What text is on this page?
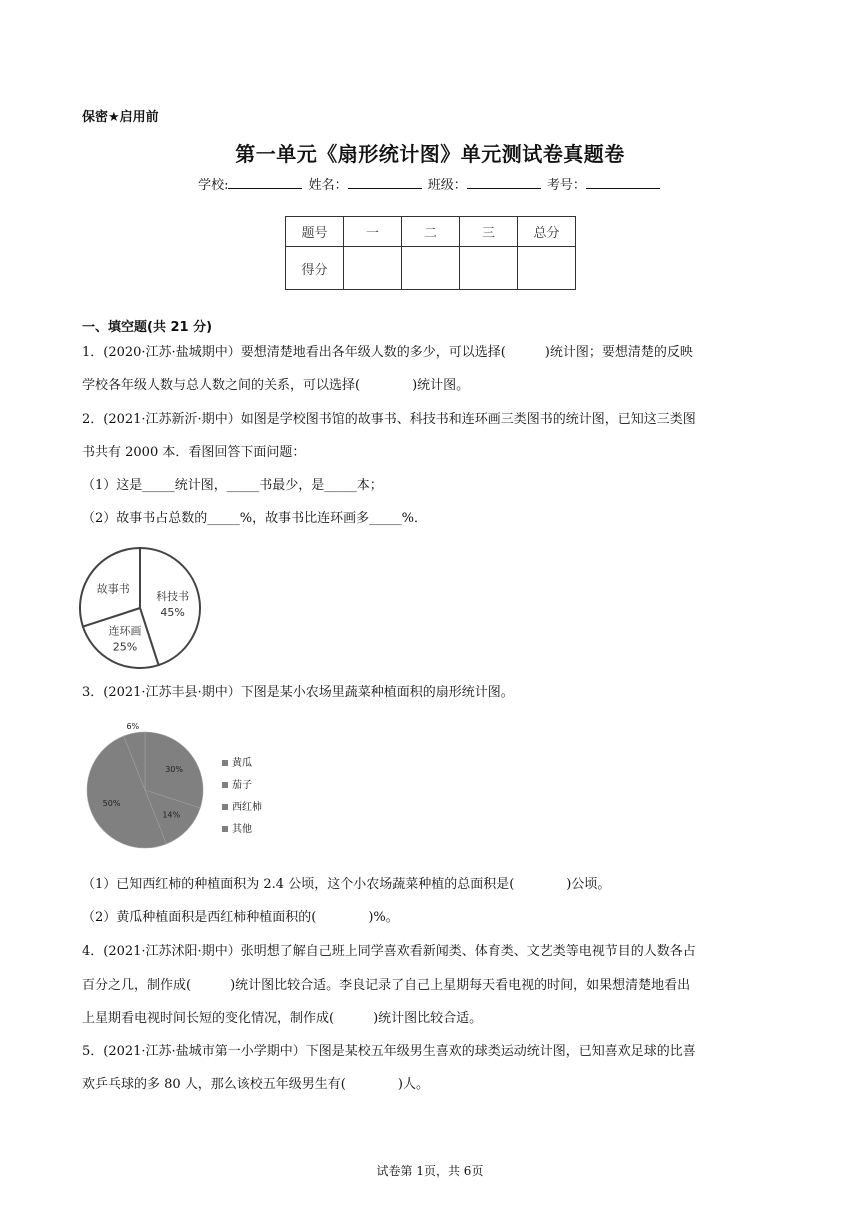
保密★启用前
第一单元《扇形统计图》单元测试卷真题卷
学校:	姓名：	班级：	考号：
题号	一	二	三	总分
得分				
一、填空题(共 21 分)
1．(2020·江苏·盐城期中）要想清楚地看出各年级人数的多少，可以选择(　　　)统计图；要想清楚的反映
学校各年级人数与总人数之间的关系，可以选择(　　　　)统计图。
2．(2021·江苏新沂·期中）如图是学校图书馆的故事书、科技书和连环画三类图书的统计图，已知这三类图
书共有 2000 本．看图回答下面问题：
（1）这是_____统计图，_____书最少，是_____本；
（2）故事书占总数的_____%，故事书比连环画多_____%．
科技书
45%
连环画
25%
故事书
3．(2021·江苏丰县·期中）下图是某小农场里蔬菜种植面积的扇形统计图。
30%
14%
50%
6%
黄瓜
茄子
西红柿
其他
（1）已知西红柿的种植面积为 2.4 公顷，这个小农场蔬菜种植的总面积是(　　　　)公顷。
（2）黄瓜种植面积是西红柿种植面积的(　　　　)%。
4．(2021·江苏沭阳·期中）张明想了解自己班上同学喜欢看新闻类、体育类、文艺类等电视节目的人数各占
百分之几，制作成(　　　)统计图比较合适。李良记录了自己上星期每天看电视的时间，如果想清楚地看出
上星期看电视时间长短的变化情况，制作成(　　　)统计图比较合适。
5．(2021·江苏·盐城市第一小学期中）下图是某校五年级男生喜欢的球类运动统计图，已知喜欢足球的比喜
欢乒乓球的多 80 人，那么该校五年级男生有(　　　　)人。
试卷第 1页，共 6页
